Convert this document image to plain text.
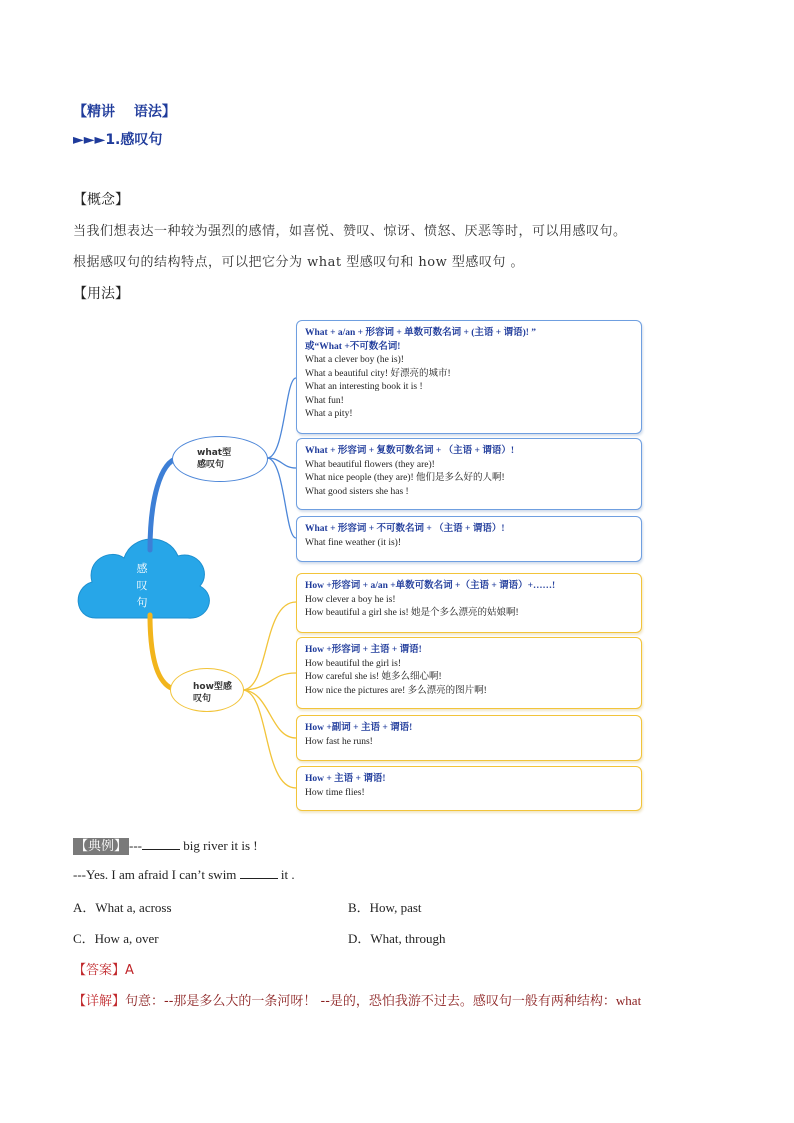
【精讲　 语法】
►►►1.感叹句
【概念】
当我们想表达一种较为强烈的感情，如喜悦、赞叹、惊讶、愤怒、厌恶等时，可以用感叹句。
根据感叹句的结构特点，可以把它分为 what 型感叹句和 how 型感叹句 。
【用法】
感
叹
句
what型
感叹句
how型感
叹句
What + a/an + 形容词 + 单数可数名词 + (主语 + 谓语)! ”
或“What +不可数名词!
What a clever boy (he is)!
What a beautiful city! 好漂亮的城市!
What an interesting book it is !
What fun!
What a pity!
What + 形容词 + 复数可数名词 + （主语 + 谓语）!
What beautiful flowers (they are)!
What nice people (they are)! 他们是多么好的人啊!
What good sisters she has !
What + 形容词 + 不可数名词 + （主语 + 谓语）!
What fine weather (it is)!
How +形容词 + a/an +单数可数名词 +（主语 + 谓语）+……!
How clever a boy he is!
How beautiful a girl she is! 她是个多么漂亮的姑娘啊!
How +形容词 + 主语 + 谓语!
How beautiful the girl is!
How careful she is! 她多么细心啊!
How nice the pictures are! 多么漂亮的图片啊!
How +副词 + 主语 + 谓语!
How fast he runs!
How + 主语 + 谓语!
How time flies!
【典例】 ---	big river it is !
---Yes. I am afraid I can’t swim	it .
A．What a, across	B．How, past
C．How a, over	D．What, through
【答案】A
【详解】句意：--那是多么大的一条河呀！ --是的，恐怕我游不过去。感叹句一般有两种结构：what
